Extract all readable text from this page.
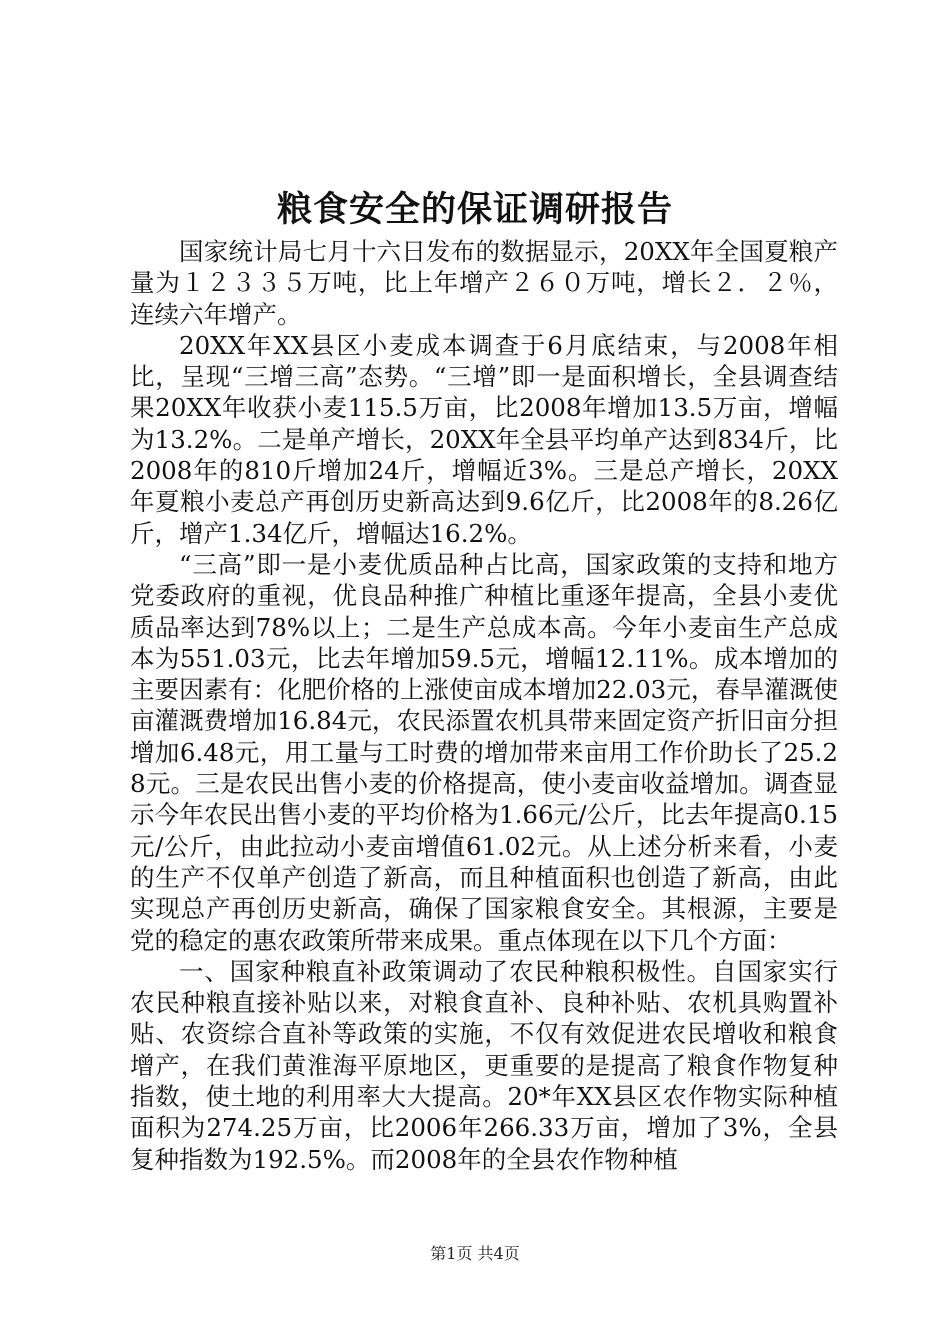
粮食安全的保证调研报告

国家统计局七月十六日发布的数据显示，20XX年全国夏粮产量为１２３３５万吨，比上年增产２６０万吨，增长２．２％，连续六年增产。

20XX年XX县区小麦成本调查于6月底结束，与2008年相比，呈现“三增三高”态势。“三增”即一是面积增长，全县调查结果20XX年收获小麦115.5万亩，比2008年增加13.5万亩，增幅为13.2%。二是单产增长，20XX年全县平均单产达到834斤，比2008年的810斤增加24斤，增幅近3%。三是总产增长，20XX年夏粮小麦总产再创历史新高达到9.6亿斤，比2008年的8.26亿斤，增产1.34亿斤，增幅达16.2%。

“三高”即一是小麦优质品种占比高，国家政策的支持和地方党委政府的重视，优良品种推广种植比重逐年提高，全县小麦优质品率达到78%以上；二是生产总成本高。今年小麦亩生产总成本为551.03元，比去年增加59.5元，增幅12.11%。成本增加的主要因素有：化肥价格的上涨使亩成本增加22.03元，春旱灌溉使亩灌溉费增加16.84元，农民添置农机具带来固定资产折旧亩分担增加6.48元，用工量与工时费的增加带来亩用工作价助长了25.28元。三是农民出售小麦的价格提高，使小麦亩收益增加。调查显示今年农民出售小麦的平均价格为1.66元/公斤，比去年提高0.15元/公斤，由此拉动小麦亩增值61.02元。从上述分析来看，小麦的生产不仅单产创造了新高，而且种植面积也创造了新高，由此实现总产再创历史新高，确保了国家粮食安全。其根源，主要是党的稳定的惠农政策所带来成果。重点体现在以下几个方面：

一、国家种粮直补政策调动了农民种粮积极性。自国家实行农民种粮直接补贴以来，对粮食直补、良种补贴、农机具购置补贴、农资综合直补等政策的实施，不仅有效促进农民增收和粮食增产，在我们黄淮海平原地区，更重要的是提高了粮食作物复种指数，使土地的利用率大大提高。20*年XX县区农作物实际种植面积为274.25万亩，比2006年266.33万亩，增加了3%，全县复种指数为192.5%。而2008年的全县农作物种植

第1页 共4页
